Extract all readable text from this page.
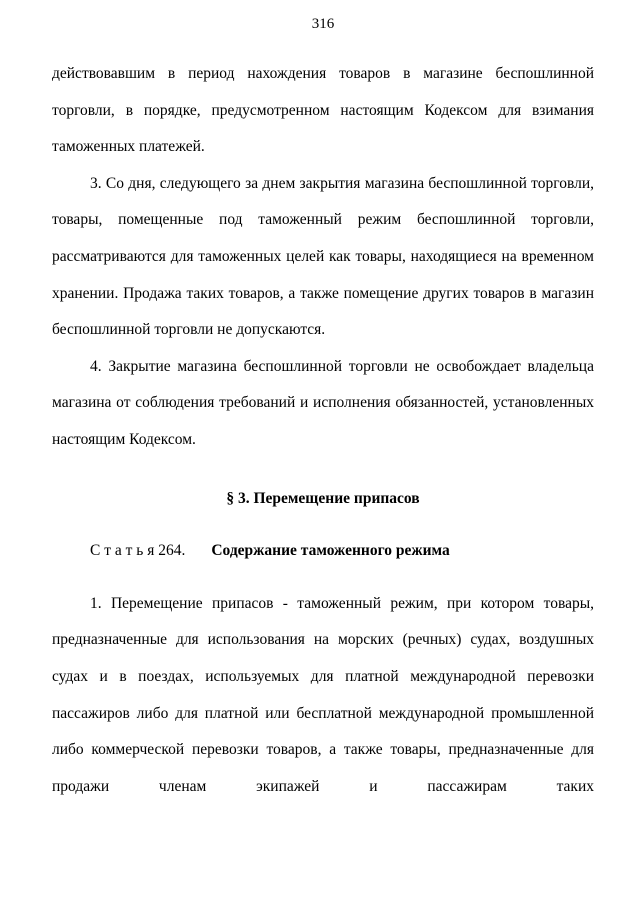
316

действовавшим в период нахождения товаров в магазине беспошлинной торговли, в порядке, предусмотренном настоящим Кодексом для взимания таможенных платежей.

3. Со дня, следующего за днем закрытия магазина беспошлинной торговли, товары, помещенные под таможенный режим беспошлинной торговли, рассматриваются для таможенных целей как товары, находящиеся на временном хранении. Продажа таких товаров, а также помещение других товаров в магазин беспошлинной торговли не допускаются.

4. Закрытие магазина беспошлинной торговли не освобождает владельца магазина от соблюдения требований и исполнения обязанностей, установленных настоящим Кодексом.

§ 3. Перемещение припасов

С т а т ь я 264. Содержание таможенного режима

1. Перемещение припасов - таможенный режим, при котором товары, предназначенные для использования на морских (речных) судах, воздушных судах и в поездах, используемых для платной международной перевозки пассажиров либо для платной или бесплатной международной промышленной либо коммерческой перевозки товаров, а также товары, предназначенные для продажи членам экипажей и пассажирам таких
